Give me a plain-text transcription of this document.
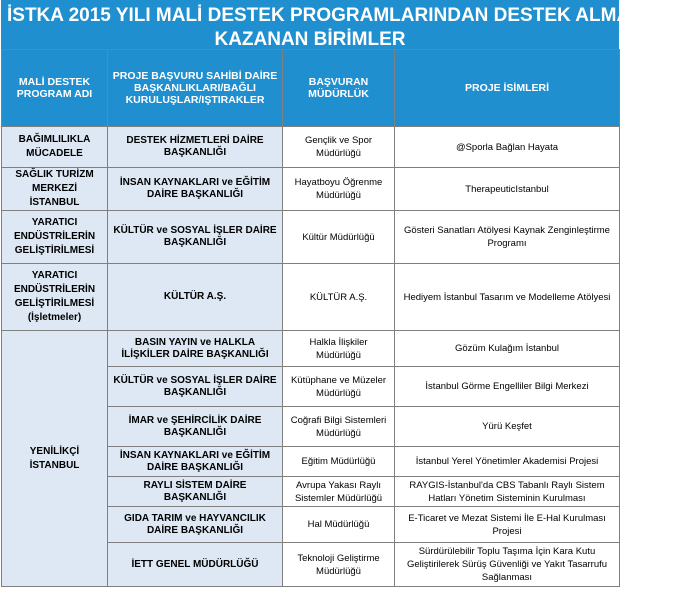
İSTKA 2015 YILI MALİ DESTEK PROGRAMLARINDAN DESTEK ALMAYA HAK
KAZANAN BİRİMLER
MALİ DESTEK PROGRAM ADI	PROJE BAŞVURU SAHİBİ DAİRE BAŞKANLIKLARI/BAĞLI KURULUŞLAR/IŞTIRAKLER	BAŞVURAN MÜDÜRLÜK	PROJE İSİMLERİ
BAĞIMLILIKLA MÜCADELE	DESTEK HİZMETLERİ DAİRE BAŞKANLIĞI	Gençlik ve Spor Müdürlüğü	@Sporla Bağlan Hayata
SAĞLIK TURİZM MERKEZİ İSTANBUL	İNSAN KAYNAKLARI ve EĞİTİM DAİRE BAŞKANLIĞI	Hayatboyu Öğrenme Müdürlüğü	TherapeuticIstanbul
YARATICI ENDÜSTRİLERİN GELİŞTİRİLMESİ	KÜLTÜR ve SOSYAL İŞLER DAİRE BAŞKANLIĞI	Kültür Müdürlüğü	Gösteri Sanatları Atölyesi Kaynak Zenginleştirme Programı
YARATICI ENDÜSTRİLERİN GELİŞTİRİLMESİ (İşletmeler)	KÜLTÜR A.Ş.	KÜLTÜR A.Ş.	Hediyem İstanbul Tasarım ve Modelleme Atölyesi
YENİLİKÇİ İSTANBUL	BASIN YAYIN ve HALKLA İLİŞKİLER DAİRE BAŞKANLIĞI	Halkla İlişkiler Müdürlüğü	Gözüm Kulağım İstanbul
	KÜLTÜR ve SOSYAL İŞLER DAİRE BAŞKANLIĞI	Kütüphane ve Müzeler Müdürlüğü	İstanbul Görme Engelliler Bilgi Merkezi
	İMAR ve ŞEHİRCİLİK DAİRE BAŞKANLIĞI	Coğrafi Bilgi Sistemleri Müdürlüğü	Yürü Keşfet
	İNSAN KAYNAKLARI ve EĞİTİM DAİRE BAŞKANLIĞI	Eğitim Müdürlüğü	İstanbul Yerel Yönetimler Akademisi Projesi
	RAYLI SİSTEM DAİRE BAŞKANLIĞI	Avrupa Yakası Raylı Sistemler Müdürlüğü	RAYGIS-İstanbul'da CBS Tabanlı Raylı Sistem Hatları Yönetim Sisteminin Kurulması
	GIDA TARIM ve HAYVANCILIK DAİRE BAŞKANLIĞI	Hal Müdürlüğü	E-Ticaret ve Mezat Sistemi İle E-Hal Kurulması Projesi
	İETT GENEL MÜDÜRLÜĞÜ	Teknoloji Geliştirme Müdürlüğü	Sürdürülebilir Toplu Taşıma İçin Kara Kutu Geliştirilerek Sürüş Güvenliği ve Yakıt Tasarrufu Sağlanması
